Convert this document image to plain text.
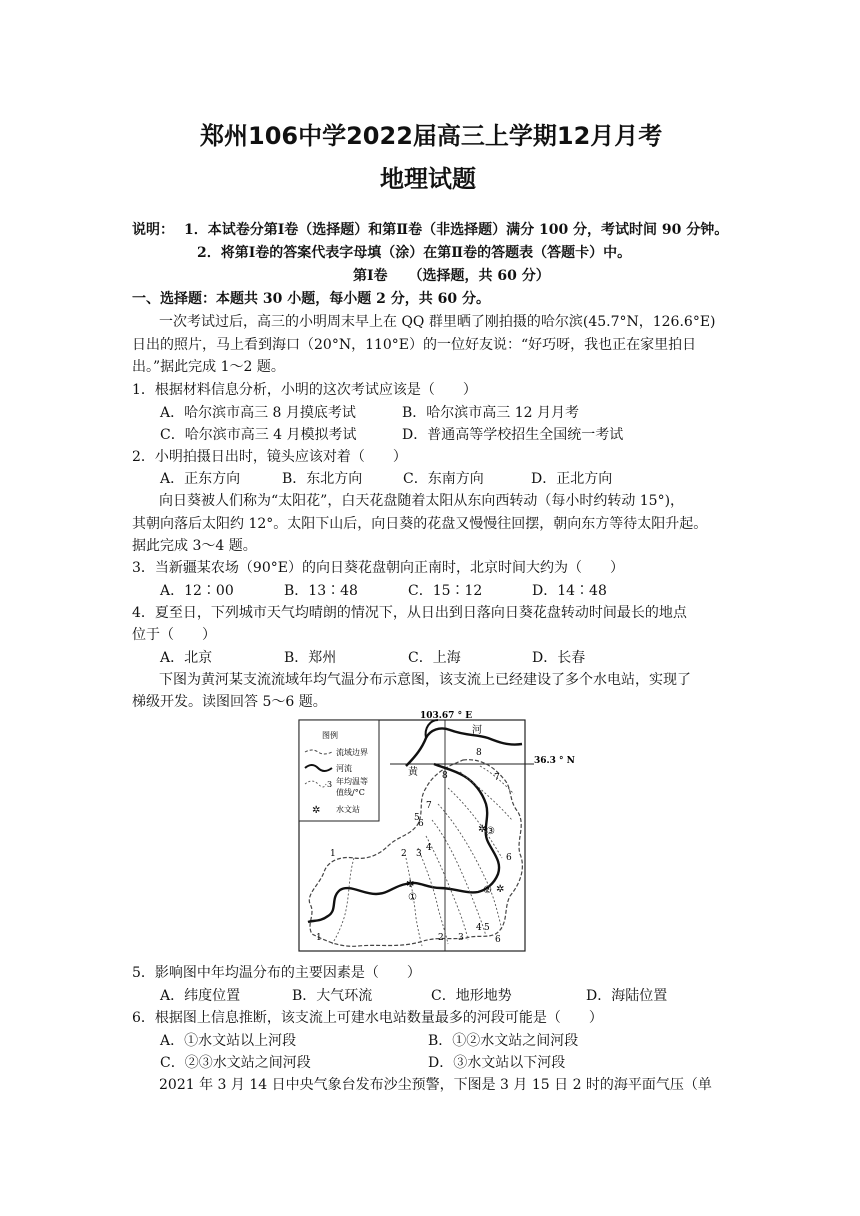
郑州106中学2022届高三上学期12月月考
地理试题
说明： 1．本试卷分第Ⅰ卷（选择题）和第Ⅱ卷（非选择题）满分 100 分，考试时间 90 分钟。
2．将第Ⅰ卷的答案代表字母填（涂）在第Ⅱ卷的答题表（答题卡）中。
第Ⅰ卷　　（选择题，共 60 分）
一、选择题：本题共 30 小题，每小题 2 分，共 60 分。
一次考试过后，高三的小明周末早上在 QQ 群里晒了刚拍摄的哈尔滨(45.7°N，126.6°E)
日出的照片，马上看到海口（20°N，110°E）的一位好友说：“好巧呀，我也正在家里拍日
出。”据此完成 1～2 题。
1．根据材料信息分析，小明的这次考试应该是（　　）
A．哈尔滨市高三 8 月摸底考试	B．哈尔滨市高三 12 月月考
C．哈尔滨市高三 4 月模拟考试	D．普通高等学校招生全国统一考试
2．小明拍摄日出时，镜头应该对着（　　）
A．正东方向	B．东北方向	C．东南方向	D．正北方向
向日葵被人们称为“太阳花”，白天花盘随着太阳从东向西转动（每小时约转动 15°)，
其朝向落后太阳约 12°。太阳下山后，向日葵的花盘又慢慢往回摆，朝向东方等待太阳升起。
据此完成 3～4 题。
3．当新疆某农场（90°E）的向日葵花盘朝向正南时，北京时间大约为（　　）
A．12∶00	B．13∶48	C．15∶12	D．14∶48
4．夏至日，下列城市天气均晴朗的情况下，从日出到日落向日葵花盘转动时间最长的地点
位于（　　）
A．北京	B．郑州	C．上海	D．长春
下图为黄河某支流流域年均气温分布示意图，该支流上已经建设了多个水电站，实现了
梯级开发。读图回答 5～6 题。
103.67 ° E
36.3 ° N
图例
流域边界
河流
3 年均温等
值线/°C
✲ 水文站
河
黄
8
8	7
7
6
6
6
5
5
4
4
3
3
2
2
1
1
✲
①
✲
②
✲ ③
5．影响图中年均温分布的主要因素是（　　）
A．纬度位置	B．大气环流	C．地形地势	D．海陆位置
6．根据图上信息推断，该支流上可建水电站数量最多的河段可能是（　　）
A．①水文站以上河段	B．①②水文站之间河段
C．②③水文站之间河段	D．③水文站以下河段
2021 年 3 月 14 日中央气象台发布沙尘预警，下图是 3 月 15 日 2 时的海平面气压（单
